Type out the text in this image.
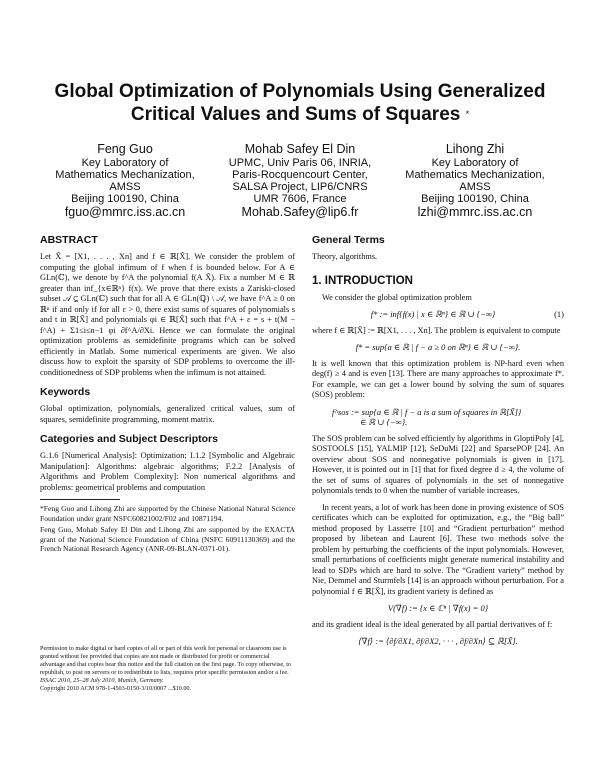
Global Optimization of Polynomials Using Generalized
Critical Values and Sums of Squares *
Feng Guo
Key Laboratory of
Mathematics Mechanization,
AMSS
Beijing 100190, China
fguo@mmrc.iss.ac.cn
Mohab Safey El Din
UPMC, Univ Paris 06, INRIA,
Paris-Rocquencourt Center,
SALSA Project, LIP6/CNRS
UMR 7606, France
Mohab.Safey@lip6.fr
Lihong Zhi
Key Laboratory of
Mathematics Mechanization,
AMSS
Beijing 100190, China
lzhi@mmrc.iss.ac.cn
ABSTRACT

Let X̃ = [X1, . . . , Xn] and f ∈ ℝ[X̃]. We consider the problem of computing the global infimum of f when f is bounded below. For A ∈ GLn(ℂ), we denote by f^A the polynomial f(A X̃). Fix a number M ∈ ℝ greater than inf_{x∈ℝⁿ} f(x). We prove that there exists a Zariski-closed subset 𝒜 ⊊ GLn(ℂ) such that for all A ∈ GLn(ℚ) \ 𝒜, we have f^A ≥ 0 on ℝⁿ if and only if for all ε > 0, there exist sums of squares of polynomials s and t in ℝ[X̃] and polynomials φi ∈ ℝ[X̃] such that f^A + ε = s + t(M − f^A) + Σ1≤i≤n−1 φi ∂f^A/∂Xi. Hence we can formulate the original optimization problems as semidefinite programs which can be solved efficiently in Matlab. Some numerical experiments are given. We also discuss how to exploit the sparsity of SDP problems to overcome the ill-conditionedness of SDP problems when the infimum is not attained.

Keywords

Global optimization, polynomials, generalized critical values, sum of squares, semidefinite programming, moment matrix.

Categories and Subject Descriptors

G.1.6 [Numerical Analysis]: Optimization; I.1.2 [Symbolic and Algebraic Manipulation]: Algorithms: algebraic algorithms; F.2.2 [Analysis of Algorithms and Problem Complexity]: Non numerical algorithms and problems: geometrical problems and computation

*Feng Guo and Lihong Zhi are supported by the Chinese National Natural Science Foundation under grant NSFC60821002/F02 and 10871194.

Feng Guo, Mohab Safey El Din and Lihong Zhi are supported by the EXACTA grant of the National Science Foundation of China (NSFC 60911130369) and the French National Research Agency (ANR-09-BLAN-0371-01).

Permission to make digital or hard copies of all or part of this work for personal or classroom use is granted without fee provided that copies are not made or distributed for profit or commercial advantage and that copies bear this notice and the full citation on the first page. To copy otherwise, to republish, to post on servers or to redistribute to lists, requires prior specific permission and/or a fee.
ISSAC 2010, 25–28 July 2010, Munich, Germany.
Copyright 2010 ACM 978-1-4503-0150-3/10/0007 ...$10.00.
General Terms

Theory, algorithms.

1. INTRODUCTION

We consider the global optimization problem

f* := inf{f(x) | x ∈ ℝⁿ} ∈ ℝ ∪ {−∞}	(1)

where f ∈ ℝ[X̃] := ℝ[X1, . . . , Xn]. The problem is equivalent to compute

f* = sup{a ∈ ℝ | f − a ≥ 0 on ℝⁿ} ∈ ℝ ∪ {−∞}.

It is well known that this optimization problem is NP-hard even when deg(f) ≥ 4 and is even [13]. There are many approaches to approximate f*. For example, we can get a lower bound by solving the sum of squares (SOS) problem:

f^sos := sup{a ∈ ℝ | f − a is a sum of squares in ℝ[X̃]}
∈ ℝ ∪ {−∞}.

The SOS problem can be solved efficiently by algorithms in GloptiPoly [4], SOSTOOLS [15], YALMIP [12], SeDuMi [22] and SparsePOP [24]. An overview about SOS and nonnegative polynomials is given in [17]. However, it is pointed out in [1] that for fixed degree d ≥ 4, the volume of the set of sums of squares of polynomials in the set of nonnegative polynomials tends to 0 when the number of variable increases.

In recent years, a lot of work has been done in proving existence of SOS certificates which can be exploited for optimization, e.g., the “Big ball” method proposed by Lasserre [10] and “Gradient perturbation” method proposed by Jibetean and Laurent [6]. These two methods solve the problem by perturbing the coefficients of the input polynomials. However, small perturbations of coefficients might generate numerical instability and lead to SDPs which are hard to solve. The “Gradient variety” method by Nie, Demmel and Sturmfels [14] is an approach without perturbation. For a polynomial f ∈ ℝ[X̃], its gradient variety is defined as

V(∇f) := {x ∈ ℂⁿ | ∇f(x) = 0}

and its gradient ideal is the ideal generated by all partial derivatives of f:

⟨∇f⟩ := ⟨∂f/∂X1, ∂f/∂X2, · · · , ∂f/∂Xn⟩ ⊆ ℝ[X̃].
